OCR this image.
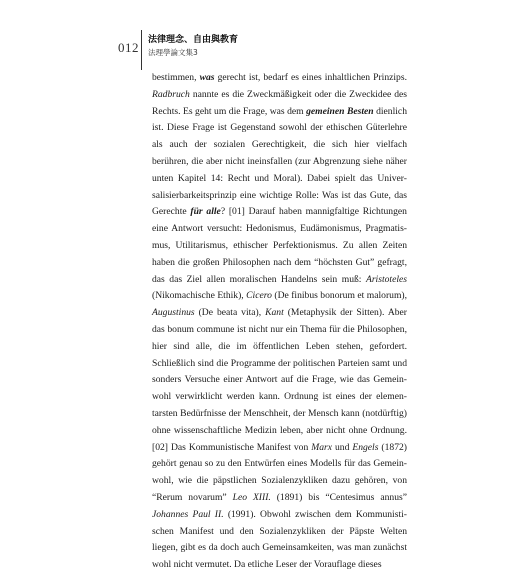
012 法律理念、自由與教育
法理學論文集3
bestimmen, was gerecht ist, bedarf es eines inhaltlichen Prinzips.
Radbruch nannte es die Zweckmäßigkeit oder die Zweckidee des
Rechts. Es geht um die Frage, was dem gemeinen Besten dienlich
ist. Diese Frage ist Gegenstand sowohl der ethischen Güterlehre
als auch der sozialen Gerechtigkeit, die sich hier vielfach
berühren, die aber nicht ineinsfallen (zur Abgrenzung siehe näher
unten Kapitel 14: Recht und Moral). Dabei spielt das Univer-
salisierbarkeitsprinzip eine wichtige Rolle: Was ist das Gute, das
Gerechte für alle? [01] Darauf haben mannigfaltige Richtungen
eine Antwort versucht: Hedonismus, Eudämonismus, Pragmatis-
mus, Utilitarismus, ethischer Perfektionismus. Zu allen Zeiten
haben die großen Philosophen nach dem “höchsten Gut” gefragt,
das das Ziel allen moralischen Handelns sein muß: Aristoteles
(Nikomachische Ethik), Cicero (De finibus bonorum et malorum),
Augustinus (De beata vita), Kant (Metaphysik der Sitten). Aber
das bonum commune ist nicht nur ein Thema für die Philosophen,
hier sind alle, die im öffentlichen Leben stehen, gefordert.
Schließlich sind die Programme der politischen Parteien samt und
sonders Versuche einer Antwort auf die Frage, wie das Gemein-
wohl verwirklicht werden kann. Ordnung ist eines der elemen-
tarsten Bedürfnisse der Menschheit, der Mensch kann (notdürftig)
ohne wissenschaftliche Medizin leben, aber nicht ohne Ordnung.
[02] Das Kommunistische Manifest von Marx und Engels (1872)
gehört genau so zu den Entwürfen eines Modells für das Gemein-
wohl, wie die päpstlichen Sozialenzykliken dazu gehören, von
“Rerum novarum” Leo XIII. (1891) bis “Centesimus annus”
Johannes Paul II. (1991). Obwohl zwischen dem Kommunisti-
schen Manifest und den Sozialenzykliken der Päpste Welten
liegen, gibt es da doch auch Gemeinsamkeiten, was man zunächst
wohl nicht vermutet. Da etliche Leser der Vorauflage dieses
